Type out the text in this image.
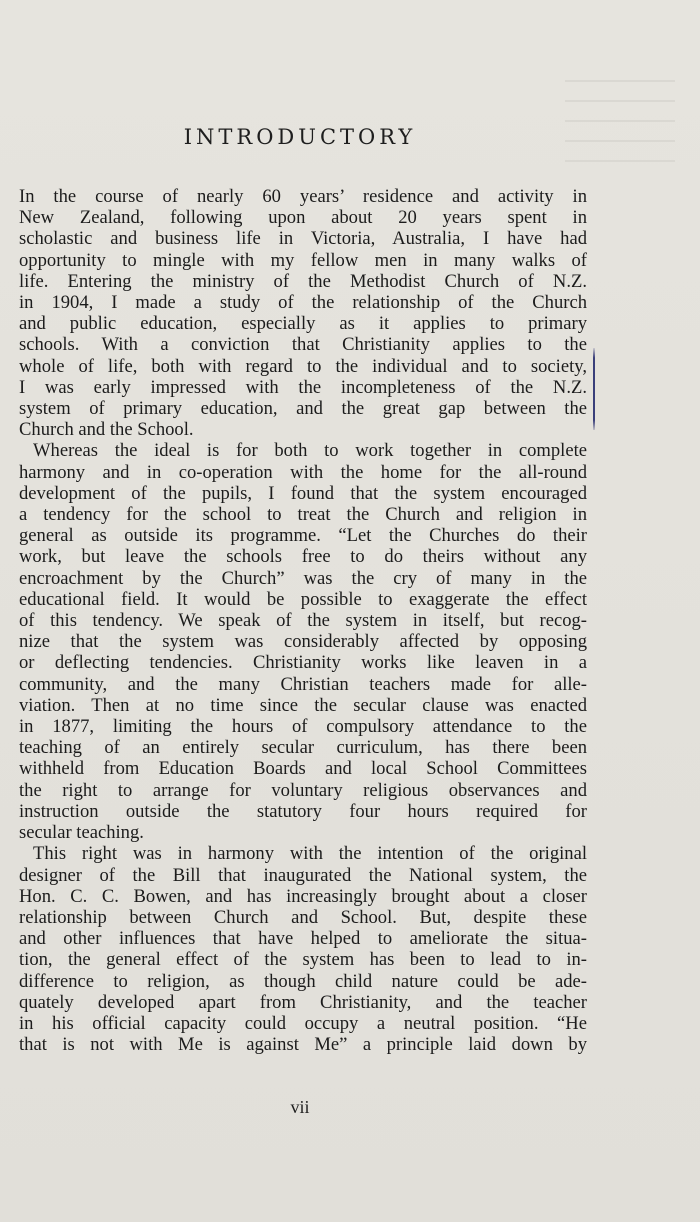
INTRODUCTORY
In the course of nearly 60 years’ residence and activity in
New Zealand, following upon about 20 years spent in
scholastic and business life in Victoria, Australia, I have had
opportunity to mingle with my fellow men in many walks of
life. Entering the ministry of the Methodist Church of N.Z.
in 1904, I made a study of the relationship of the Church
and public education, especially as it applies to primary
schools. With a conviction that Christianity applies to the
whole of life, both with regard to the individual and to society,
I was early impressed with the incompleteness of the N.Z.
system of primary education, and the great gap between the
Church and the School.
Whereas the ideal is for both to work together in complete
harmony and in co-operation with the home for the all-round
development of the pupils, I found that the system encouraged
a tendency for the school to treat the Church and religion in
general as outside its programme. “Let the Churches do their
work, but leave the schools free to do theirs without any
encroachment by the Church” was the cry of many in the
educational field. It would be possible to exaggerate the effect
of this tendency. We speak of the system in itself, but recog-
nize that the system was considerably affected by opposing
or deflecting tendencies. Christianity works like leaven in a
community, and the many Christian teachers made for alle-
viation. Then at no time since the secular clause was enacted
in 1877, limiting the hours of compulsory attendance to the
teaching of an entirely secular curriculum, has there been
withheld from Education Boards and local School Committees
the right to arrange for voluntary religious observances and
instruction outside the statutory four hours required for
secular teaching.
This right was in harmony with the intention of the original
designer of the Bill that inaugurated the National system, the
Hon. C. C. Bowen, and has increasingly brought about a closer
relationship between Church and School. But, despite these
and other influences that have helped to ameliorate the situa-
tion, the general effect of the system has been to lead to in-
difference to religion, as though child nature could be ade-
quately developed apart from Christianity, and the teacher
in his official capacity could occupy a neutral position. “He
that is not with Me is against Me” a principle laid down by
vii
